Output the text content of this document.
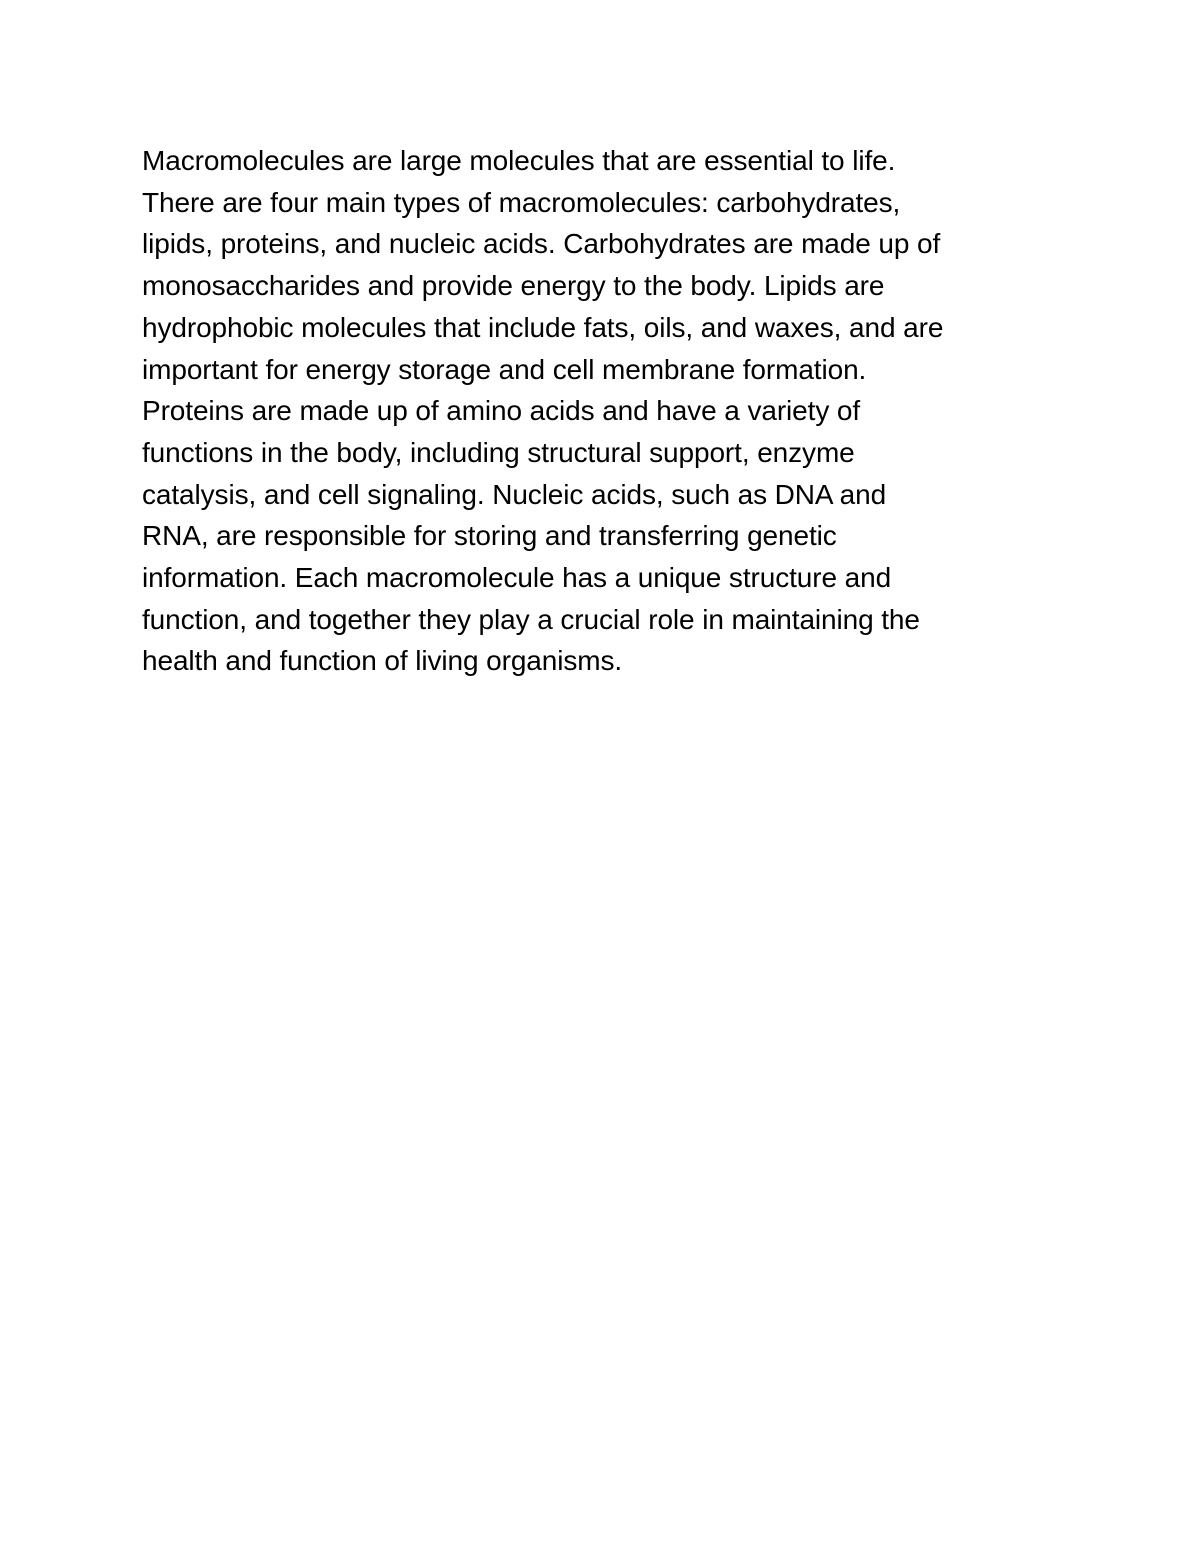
Macromolecules are large molecules that are essential to life.
There are four main types of macromolecules: carbohydrates,
lipids, proteins, and nucleic acids. Carbohydrates are made up of
monosaccharides and provide energy to the body. Lipids are
hydrophobic molecules that include fats, oils, and waxes, and are
important for energy storage and cell membrane formation.
Proteins are made up of amino acids and have a variety of
functions in the body, including structural support, enzyme
catalysis, and cell signaling. Nucleic acids, such as DNA and
RNA, are responsible for storing and transferring genetic
information. Each macromolecule has a unique structure and
function, and together they play a crucial role in maintaining the
health and function of living organisms.
